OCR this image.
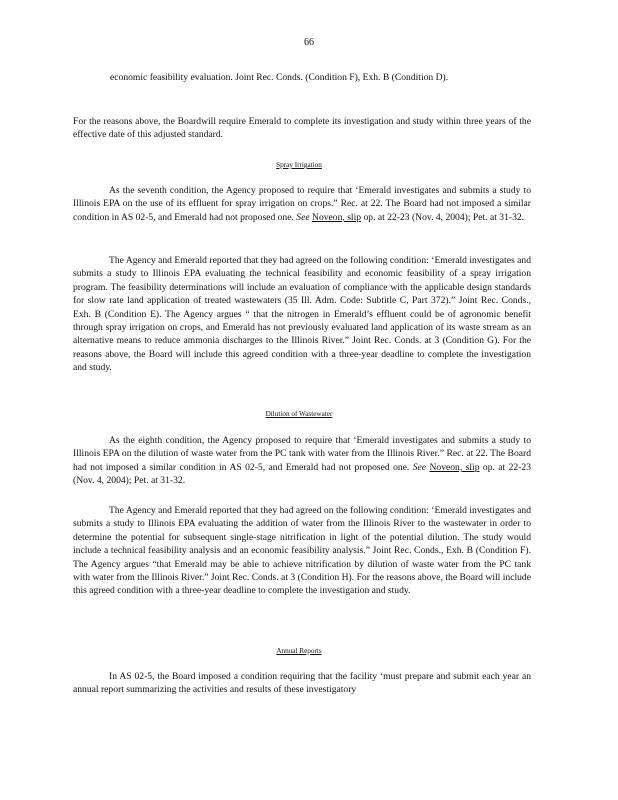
66

economic feasibility evaluation. Joint Rec. Conds. (Condition F), Exh. B (Condition D).

For the reasons above, the Boardwill require Emerald to complete its investigation and study within three years of the effective date of this adjusted standard.

Spray Irrigation

As the seventh condition, the Agency proposed to require that ‘Emerald investigates and submits a study to Illinois EPA on the use of its effluent for spray irrigation on crops.” Rec. at 22. The Board had not imposed a similar condition in AS 02-5, and Emerald had not proposed one. See Noveon, slip op. at 22-23 (Nov. 4, 2004); Pet. at 31-32.

The Agency and Emerald reported that they had agreed on the following condition: ‘Emerald investigates and submits a study to Illinois EPA evaluating the technical feasibility and economic feasibility of a spray irrigation program. The feasibility determinations will include an evaluation of compliance with the applicable design standards for slow rate land application of treated wastewaters (35 Ill. Adm. Code: Subtitle C, Part 372).” Joint Rec. Conds., Exh. B (Condition E). The Agency argues “ that the nitrogen in Emerald’s effluent could be of agronomic benefit through spray irrigation on crops, and Emerald has not previously evaluated land application of its waste stream as an alternative means to reduce ammonia discharges to the Illinois River.” Joint Rec. Conds. at 3 (Condition G). For the reasons above, the Board will include this agreed condition with a three-year deadline to complete the investigation and study.

Dilution of Wastewater

As the eighth condition, the Agency proposed to require that ‘Emerald investigates and submits a study to Illinois EPA on the dilution of waste water from the PC tank with water from the Illinois River.” Rec. at 22. The Board had not imposed a similar condition in AS 02-5, and Emerald had not proposed one. See Noveon, slip op. at 22-23 (Nov. 4, 2004); Pet. at 31-32.

The Agency and Emerald reported that they had agreed on the following condition: ‘Emerald investigates and submits a study to Illinois EPA evaluating the addition of water from the Illinois River to the wastewater in order to determine the potential for subsequent single-stage nitrification in light of the potential dilution. The study would include a technical feasibility analysis and an economic feasibility analysis.” Joint Rec. Conds., Exh. B (Condition F). The Agency argues “that Emerald may be able to achieve nitrification by dilution of waste water from the PC tank with water from the Illinois River.” Joint Rec. Conds. at 3 (Condition H). For the reasons above, the Board will include this agreed condition with a three-year deadline to complete the investigation and study.

Annual Reports

In AS 02-5, the Board imposed a condition requiring that the facility ‘must prepare and submit each year an annual report summarizing the activities and results of these investigatory
